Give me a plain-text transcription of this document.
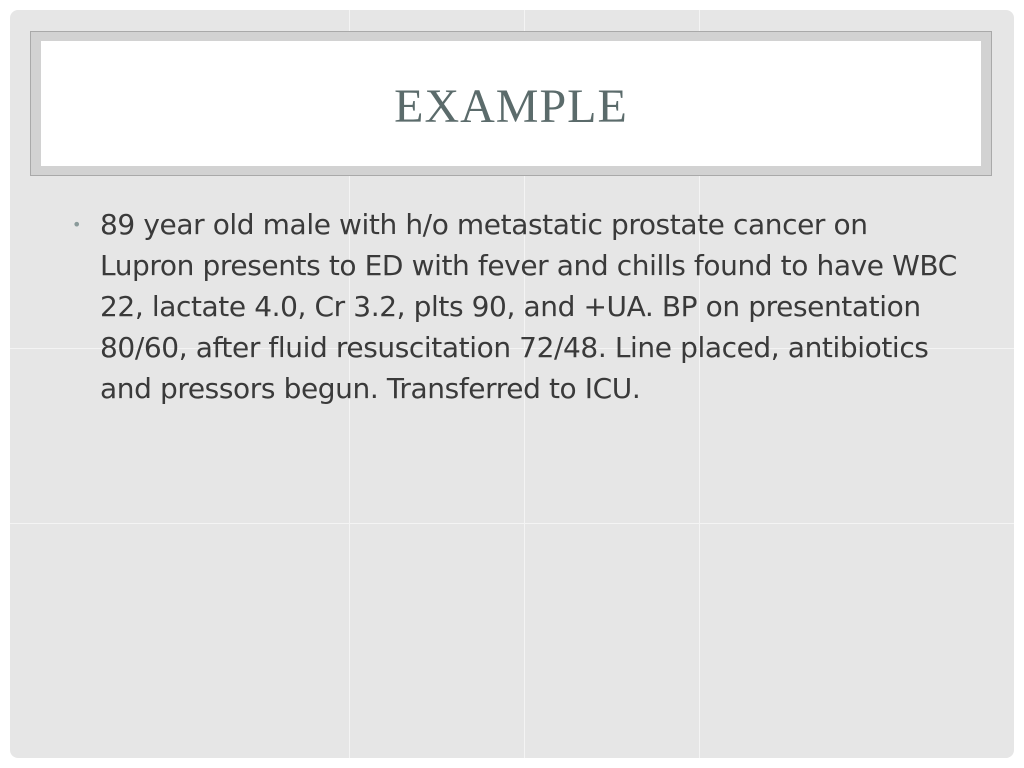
EXAMPLE
• 89 year old male with h/o metastatic prostate cancer on Lupron presents to ED with fever and chills found to have WBC 22, lactate 4.0, Cr 3.2, plts 90, and +UA. BP on presentation 80/60, after fluid resuscitation 72/48. Line placed, antibiotics and pressors begun. Transferred to ICU.
